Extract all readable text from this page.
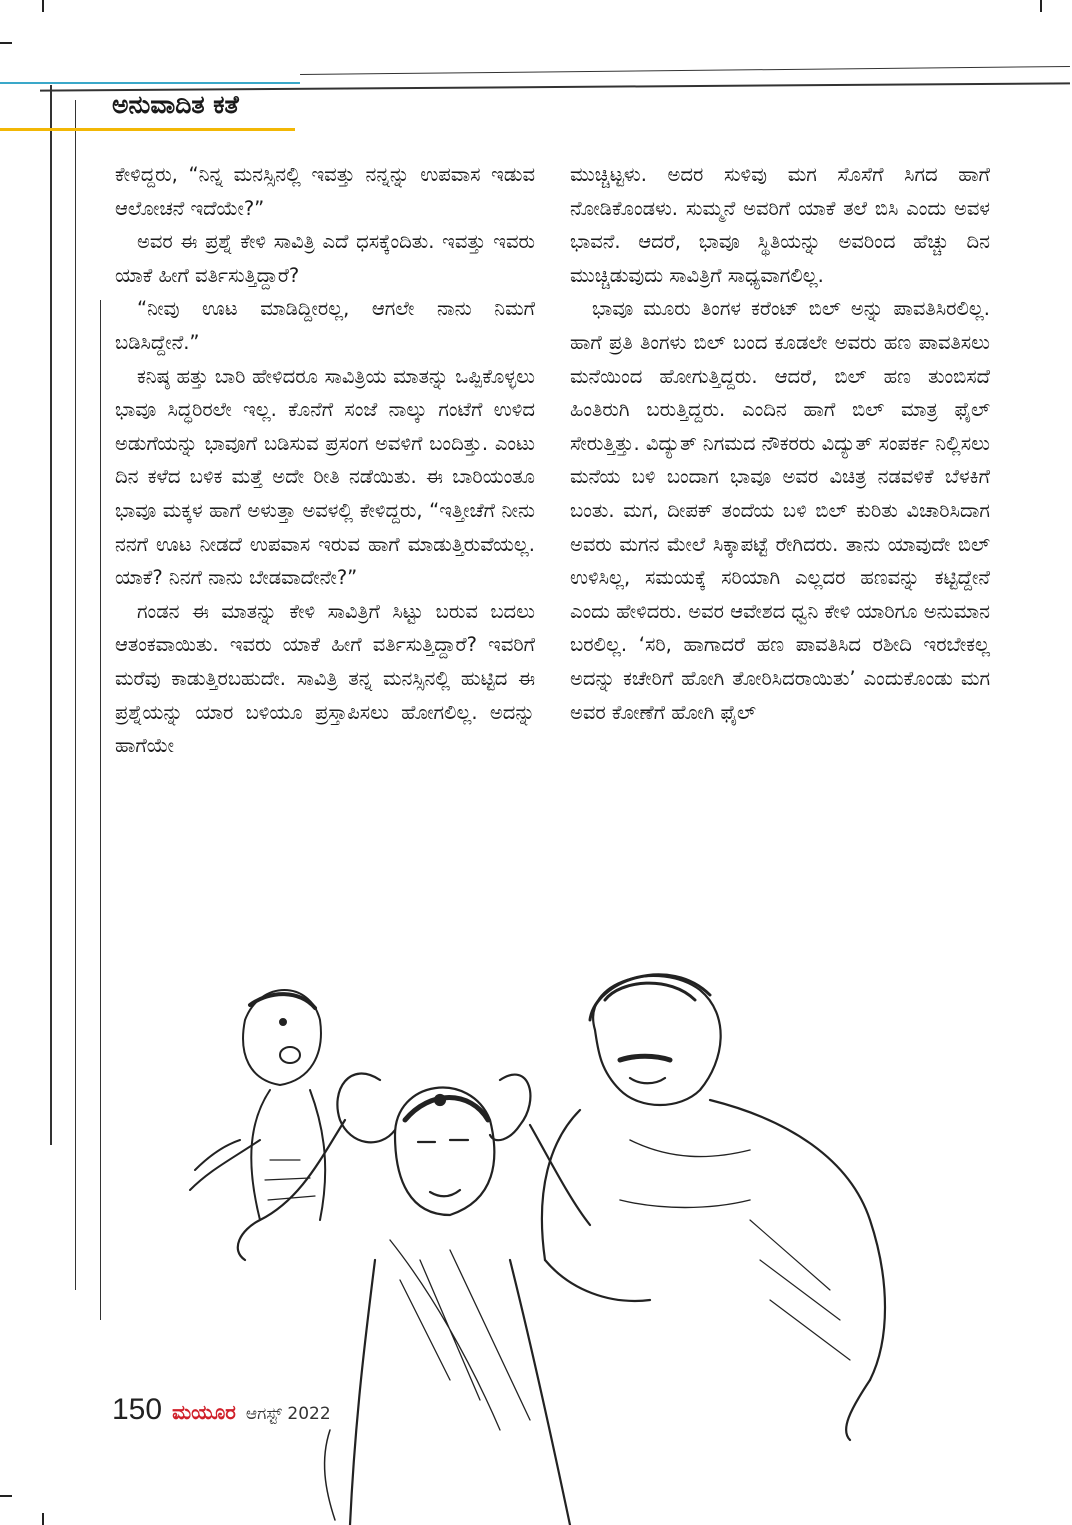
ಅನುವಾದಿತ ಕತೆ

ಕೇಳಿದ್ದರು, “ನಿನ್ನ ಮನಸ್ಸಿನಲ್ಲಿ ಇವತ್ತು ನನ್ನನ್ನು ಉಪವಾಸ ಇಡುವ ಆಲೋಚನೆ ಇದೆಯೇ?”

ಅವರ ಈ ಪ್ರಶ್ನೆ ಕೇಳಿ ಸಾವಿತ್ರಿ ಎದೆ ಧಸಕ್ಕೆಂದಿತು. ಇವತ್ತು ಇವರು ಯಾಕೆ ಹೀಗೆ ವರ್ತಿಸುತ್ತಿದ್ದಾರೆ?

“ನೀವು ಊಟ ಮಾಡಿದ್ದೀರಲ್ಲ, ಆಗಲೇ ನಾನು ನಿಮಗೆ ಬಡಿಸಿದ್ದೇನೆ.”

ಕನಿಷ್ಠ ಹತ್ತು ಬಾರಿ ಹೇಳಿದರೂ ಸಾವಿತ್ರಿಯ ಮಾತನ್ನು ಒಪ್ಪಿಕೊಳ್ಳಲು ಭಾವೂ ಸಿದ್ಧರಿರಲೇ ಇಲ್ಲ. ಕೊನೆಗೆ ಸಂಜೆ ನಾಲ್ಕು ಗಂಟೆಗೆ ಉಳಿದ ಅಡುಗೆಯನ್ನು ಭಾವೂಗೆ ಬಡಿಸುವ ಪ್ರಸಂಗ ಅವಳಿಗೆ ಬಂದಿತ್ತು. ಎಂಟು ದಿನ ಕಳೆದ ಬಳಿಕ ಮತ್ತೆ ಅದೇ ರೀತಿ ನಡೆಯಿತು. ಈ ಬಾರಿಯಂತೂ ಭಾವೂ ಮಕ್ಕಳ ಹಾಗೆ ಅಳುತ್ತಾ ಅವಳಲ್ಲಿ ಕೇಳಿದ್ದರು, “ಇತ್ತೀಚೆಗೆ ನೀನು ನನಗೆ ಊಟ ನೀಡದೆ ಉಪವಾಸ ಇರುವ ಹಾಗೆ ಮಾಡುತ್ತಿರುವೆಯಲ್ಲ. ಯಾಕೆ? ನಿನಗೆ ನಾನು ಬೇಡವಾದೇನೇ?”

ಗಂಡನ ಈ ಮಾತನ್ನು ಕೇಳಿ ಸಾವಿತ್ರಿಗೆ ಸಿಟ್ಟು ಬರುವ ಬದಲು ಆತಂಕವಾಯಿತು. ಇವರು ಯಾಕೆ ಹೀಗೆ ವರ್ತಿಸುತ್ತಿದ್ದಾರೆ? ಇವರಿಗೆ ಮರೆವು ಕಾಡುತ್ತಿರಬಹುದೇ. ಸಾವಿತ್ರಿ ತನ್ನ ಮನಸ್ಸಿನಲ್ಲಿ ಹುಟ್ಟಿದ ಈ ಪ್ರಶ್ನೆಯನ್ನು ಯಾರ ಬಳಿಯೂ ಪ್ರಸ್ತಾಪಿಸಲು ಹೋಗಲಿಲ್ಲ. ಅದನ್ನು ಹಾಗೆಯೇ

ಮುಚ್ಚಿಟ್ಟಳು. ಅದರ ಸುಳಿವು ಮಗ ಸೊಸೆಗೆ ಸಿಗದ ಹಾಗೆ ನೋಡಿಕೊಂಡಳು. ಸುಮ್ಮನೆ ಅವರಿಗೆ ಯಾಕೆ ತಲೆ ಬಿಸಿ ಎಂದು ಅವಳ ಭಾವನೆ. ಆದರೆ, ಭಾವೂ ಸ್ಥಿತಿಯನ್ನು ಅವರಿಂದ ಹೆಚ್ಚು ದಿನ ಮುಚ್ಚಿಡುವುದು ಸಾವಿತ್ರಿಗೆ ಸಾಧ್ಯವಾಗಲಿಲ್ಲ.

ಭಾವೂ ಮೂರು ತಿಂಗಳ ಕರೆಂಟ್ ಬಿಲ್ ಅನ್ನು ಪಾವತಿಸಿರಲಿಲ್ಲ. ಹಾಗೆ ಪ್ರತಿ ತಿಂಗಳು ಬಿಲ್ ಬಂದ ಕೂಡಲೇ ಅವರು ಹಣ ಪಾವತಿಸಲು ಮನೆಯಿಂದ ಹೋಗುತ್ತಿದ್ದರು. ಆದರೆ, ಬಿಲ್ ಹಣ ತುಂಬಿಸದೆ ಹಿಂತಿರುಗಿ ಬರುತ್ತಿದ್ದರು. ಎಂದಿನ ಹಾಗೆ ಬಿಲ್ ಮಾತ್ರ ಫೈಲ್ ಸೇರುತ್ತಿತ್ತು. ವಿದ್ಯುತ್ ನಿಗಮದ ನೌಕರರು ವಿದ್ಯುತ್ ಸಂಪರ್ಕ ನಿಲ್ಲಿಸಲು ಮನೆಯ ಬಳಿ ಬಂದಾಗ ಭಾವೂ ಅವರ ವಿಚಿತ್ರ ನಡವಳಿಕೆ ಬೆಳಕಿಗೆ ಬಂತು. ಮಗ, ದೀಪಕ್ ತಂದೆಯ ಬಳಿ ಬಿಲ್ ಕುರಿತು ವಿಚಾರಿಸಿದಾಗ ಅವರು ಮಗನ ಮೇಲೆ ಸಿಕ್ಕಾಪಟ್ಟೆ ರೇಗಿದರು. ತಾನು ಯಾವುದೇ ಬಿಲ್ ಉಳಿಸಿಲ್ಲ, ಸಮಯಕ್ಕೆ ಸರಿಯಾಗಿ ಎಲ್ಲದರ ಹಣವನ್ನು ಕಟ್ಟಿದ್ದೇನೆ ಎಂದು ಹೇಳಿದರು. ಅವರ ಆವೇಶದ ಧ್ವನಿ ಕೇಳಿ ಯಾರಿಗೂ ಅನುಮಾನ ಬರಲಿಲ್ಲ. ‘ಸರಿ, ಹಾಗಾದರೆ ಹಣ ಪಾವತಿಸಿದ ರಶೀದಿ ಇರಬೇಕಲ್ಲ ಅದನ್ನು ಕಚೇರಿಗೆ ಹೋಗಿ ತೋರಿಸಿದರಾಯಿತು’ ಎಂದುಕೊಂಡು ಮಗ ಅವರ ಕೋಣೆಗೆ ಹೋಗಿ ಫೈಲ್

150 ಮಯೂರ ಆಗಸ್ಟ್ 2022
